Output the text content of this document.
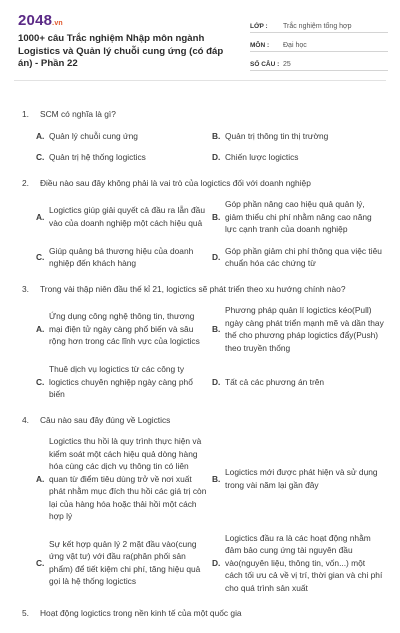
2048.vn
1000+ câu Trắc nghiệm Nhập môn ngành Logistics và Quản lý chuỗi cung ứng (có đáp án) - Phần 22
LỚP :	Trắc nghiệm tổng hợp
MÔN :	Đại học
SỐ CÂU : 25
1.	SCM có nghĩa là gì?
A. Quản lý chuỗi cung ứng	B. Quản trị thông tin thị trường
C. Quản trị hệ thống logictics	D. Chiến lược logictics
2.	Điều nào sau đây không phải là vai trò của logictics đối với doanh nghiệp
A.
Logictics giúp giải quyết cả đầu ra lẫn đầu vào của doanh nghiệp một cách hiệu quả
B.
Góp phần nâng cao hiệu quả quản lý, giảm thiểu chi phí nhằm nâng cao năng lực cạnh tranh của doanh nghiệp
C.
Giúp quảng bá thương hiệu của doanh nghiệp đến khách hàng
D.
Góp phần giảm chi phí thông qua việc tiêu chuẩn hóa các chứng từ
3.	Trong vài thập niên đầu thế kỉ 21, logictics sẽ phát triển theo xu hướng chính nào?
A.
Ứng dụng công nghệ thông tin, thương mại điện tử ngày càng phổ biến và sâu rộng hơn trong các lĩnh vực của logictics
B.
Phương pháp quản lí logictics kéo(Pull) ngày càng phát triển mạnh mẽ và dần thay thế cho phương pháp logictics đẩy(Push) theo truyền thống
C.
Thuê dịch vụ logictics từ các công ty logictics chuyên nghiệp ngày càng phổ biến
D. Tất cả các phương án trên
4.	Câu nào sau đây đúng về Logictics
A.
Logictics thu hồi là quy trình thực hiện và kiểm soát một cách hiệu quả dòng hàng hóa cùng các dịch vụ thông tin có liên quan từ điểm tiêu dùng trở về nơi xuất phát nhằm mục đích thu hồi các giá trị còn lại của hàng hóa hoặc thải hồi một cách hợp lý
B.
Logictics mới được phát hiện và sử dụng trong vài năm lại gần đây
C.
Sự kết hợp quản lý 2 mặt đầu vào(cung ứng vật tư) với đầu ra(phân phối sản phẩm) để tiết kiệm chi phí, tăng hiệu quả gọi là hệ thống logictics
D.
Logictics đầu ra là các hoạt động nhằm đảm bảo cung ứng tài nguyên đầu vào(nguyên liệu, thông tin, vốn...) một cách tối ưu cả về vị trí, thời gian và chi phí cho quá trình sản xuất
5.	Hoạt động logictics trong nền kinh tế của một quốc gia
